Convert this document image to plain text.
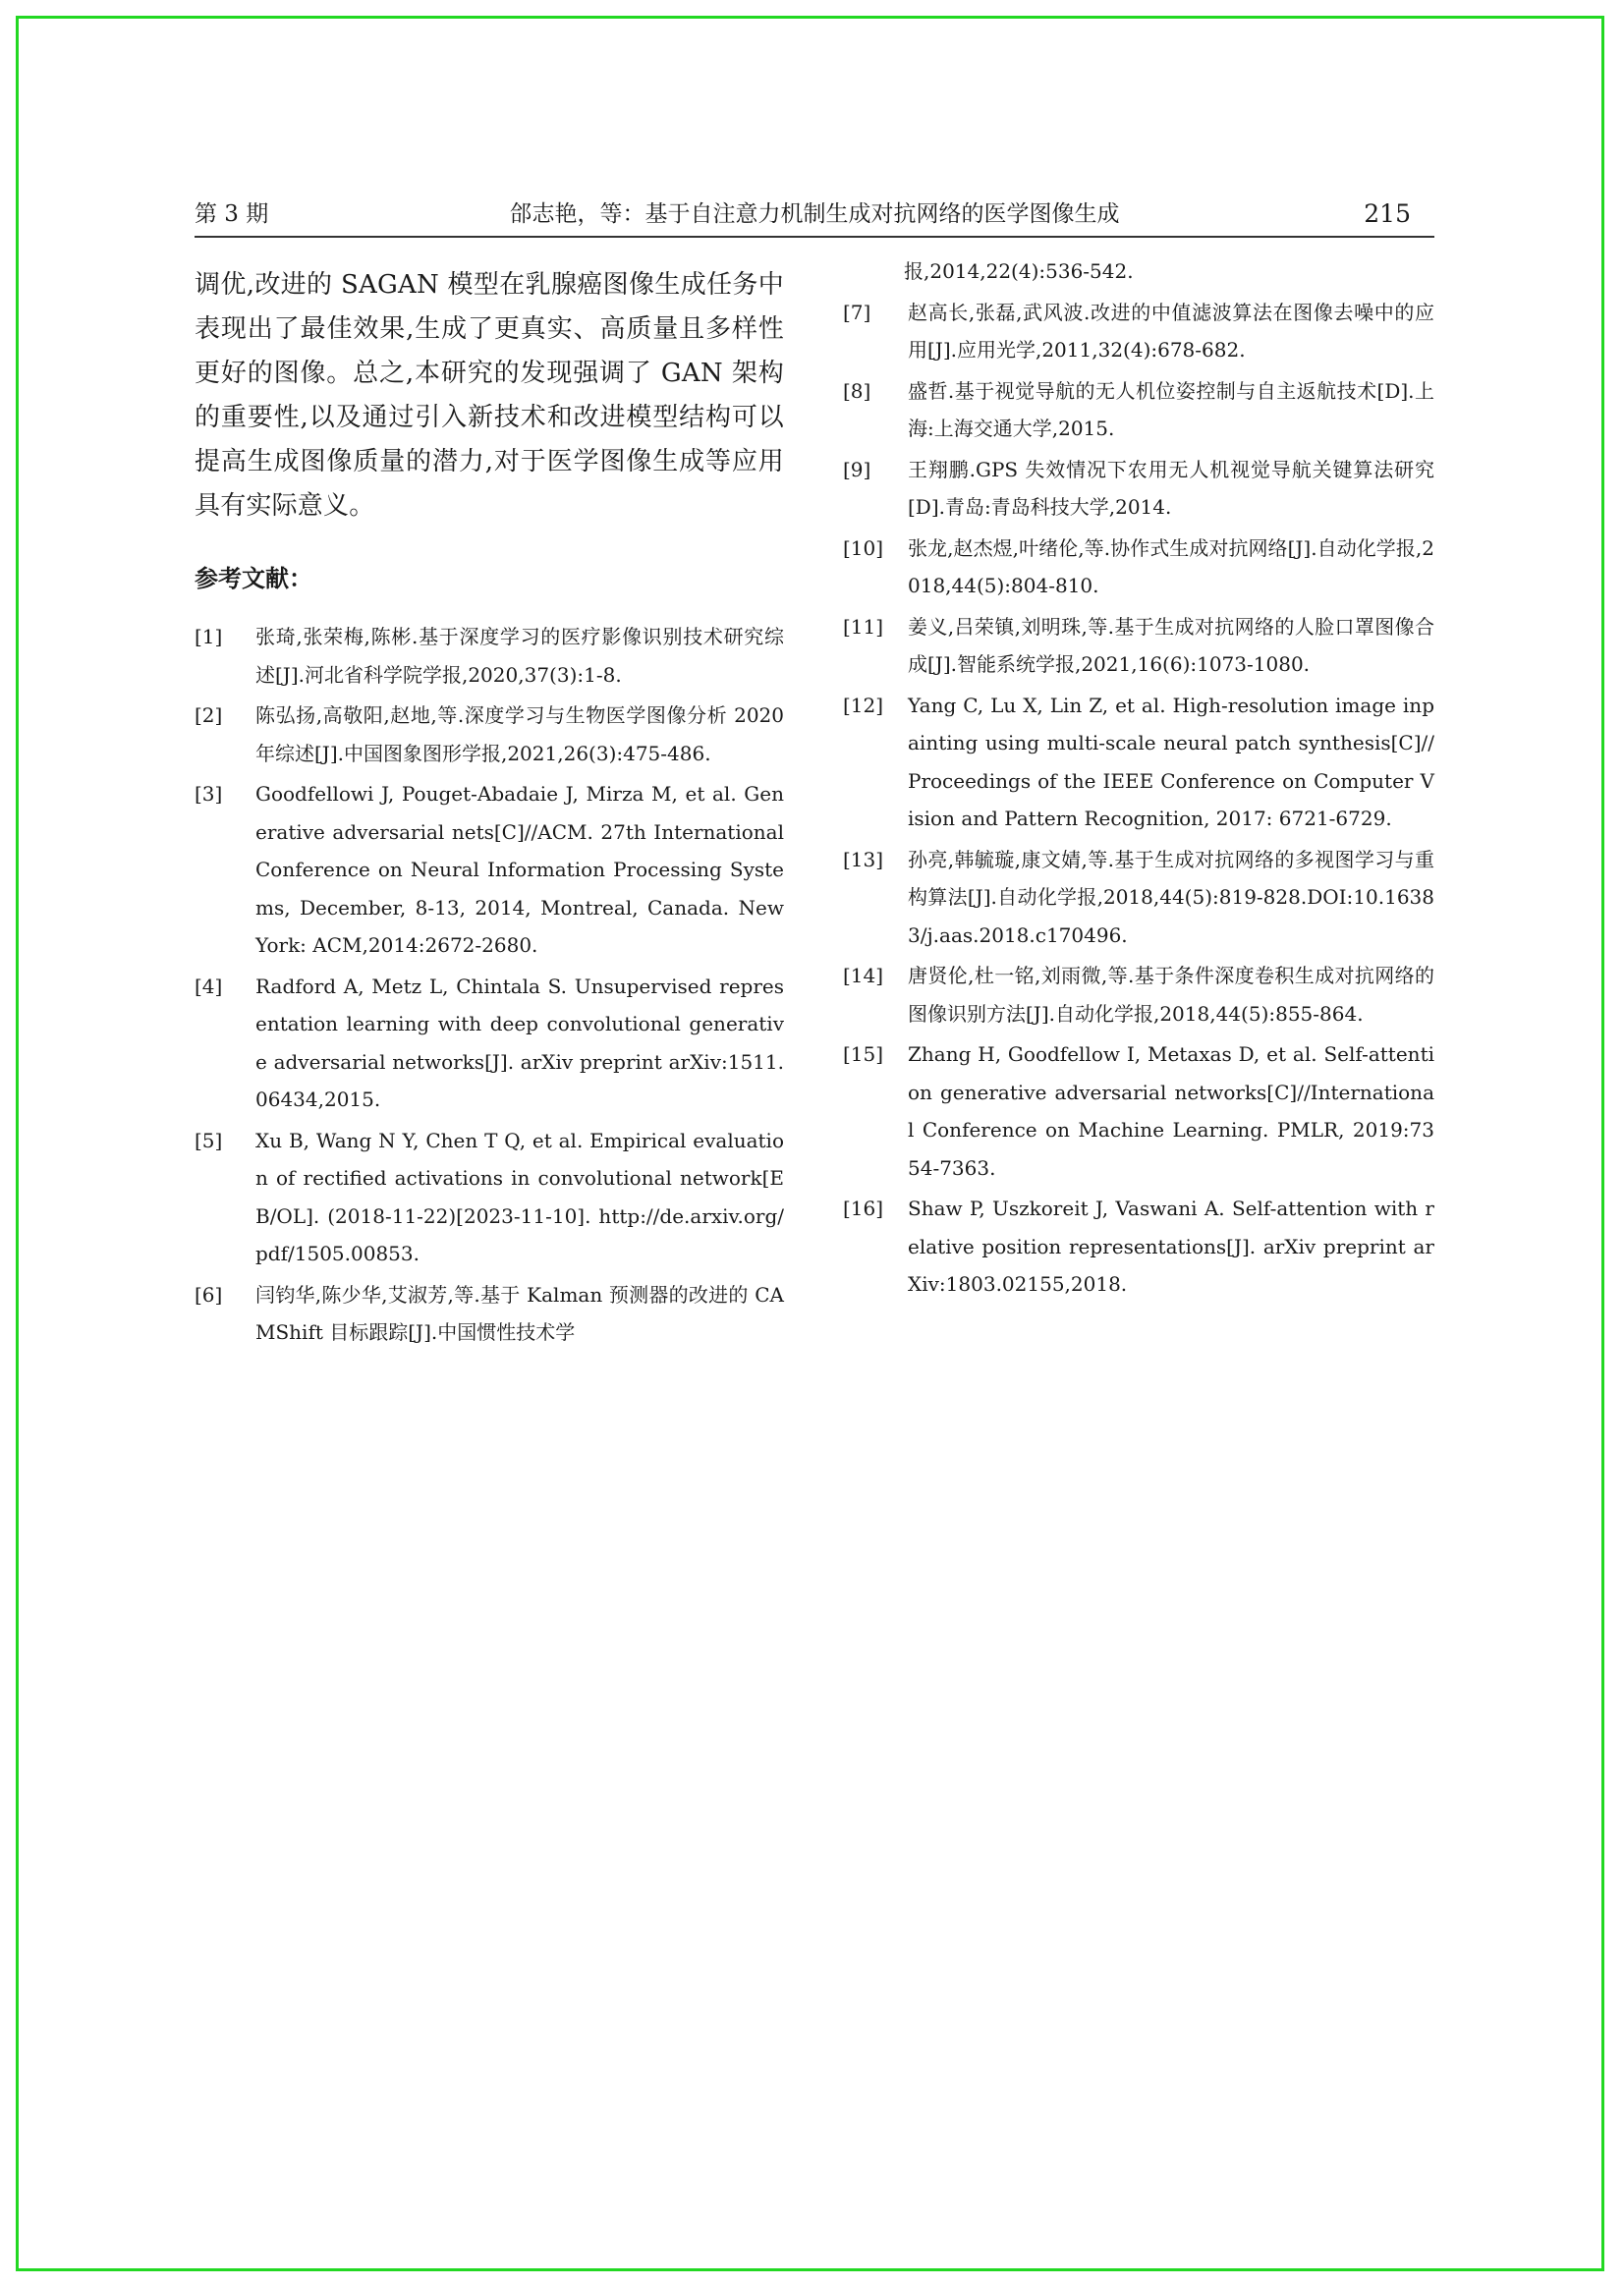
第 3 期	郃志艳，等：基于自注意力机制生成对抗网络的医学图像生成	215

调优,改进的 SAGAN 模型在乳腺癌图像生成任务中表现出了最佳效果,生成了更真实、高质量且多样性更好的图像。总之,本研究的发现强调了 GAN 架构的重要性,以及通过引入新技术和改进模型结构可以提高生成图像质量的潜力,对于医学图像生成等应用具有实际意义。

参考文献：
[1]	张琦,张荣梅,陈彬.基于深度学习的医疗影像识别技术研究综述[J].河北省科学院学报,2020,37(3):1-8.
[2]	陈弘扬,高敬阳,赵地,等.深度学习与生物医学图像分析 2020 年综述[J].中国图象图形学报,2021,26(3):475-486.
[3]	Goodfellowi J, Pouget-Abadaie J, Mirza M, et al. Generative adversarial nets[C]//ACM. 27th International Conference on Neural Information Processing Systems, December, 8-13, 2014, Montreal, Canada. New York: ACM,2014:2672-2680.
[4]	Radford A, Metz L, Chintala S. Unsupervised representation learning with deep convolutional generative adversarial networks[J]. arXiv preprint arXiv:1511.06434,2015.
[5]	Xu B, Wang N Y, Chen T Q, et al. Empirical evaluation of rectified activations in convolutional network[EB/OL]. (2018-11-22)[2023-11-10]. http://de.arxiv.org/pdf/1505.00853.
[6]	闫钧华,陈少华,艾淑芳,等.基于 Kalman 预测器的改进的 CAMShift 目标跟踪[J].中国惯性技术学
报,2014,22(4):536-542.
[7]	赵高长,张磊,武风波.改进的中值滤波算法在图像去噪中的应用[J].应用光学,2011,32(4):678-682.
[8]	盛哲.基于视觉导航的无人机位姿控制与自主返航技术[D].上海:上海交通大学,2015.
[9]	王翔鹏.GPS 失效情况下农用无人机视觉导航关键算法研究[D].青岛:青岛科技大学,2014.
[10]	张龙,赵杰煜,叶绪伦,等.协作式生成对抗网络[J].自动化学报,2018,44(5):804-810.
[11]	姜义,吕荣镇,刘明珠,等.基于生成对抗网络的人脸口罩图像合成[J].智能系统学报,2021,16(6):1073-1080.
[12]	Yang C, Lu X, Lin Z, et al. High-resolution image inpainting using multi-scale neural patch synthesis[C]//Proceedings of the IEEE Conference on Computer Vision and Pattern Recognition, 2017: 6721-6729.
[13]	孙亮,韩毓璇,康文婧,等.基于生成对抗网络的多视图学习与重构算法[J].自动化学报,2018,44(5):819-828.DOI:10.16383/j.aas.2018.c170496.
[14]	唐贤伦,杜一铭,刘雨微,等.基于条件深度卷积生成对抗网络的图像识别方法[J].自动化学报,2018,44(5):855-864.
[15]	Zhang H, Goodfellow I, Metaxas D, et al. Self-attention generative adversarial networks[C]//International Conference on Machine Learning. PMLR, 2019:7354-7363.
[16]	Shaw P, Uszkoreit J, Vaswani A. Self-attention with relative position representations[J]. arXiv preprint arXiv:1803.02155,2018.
